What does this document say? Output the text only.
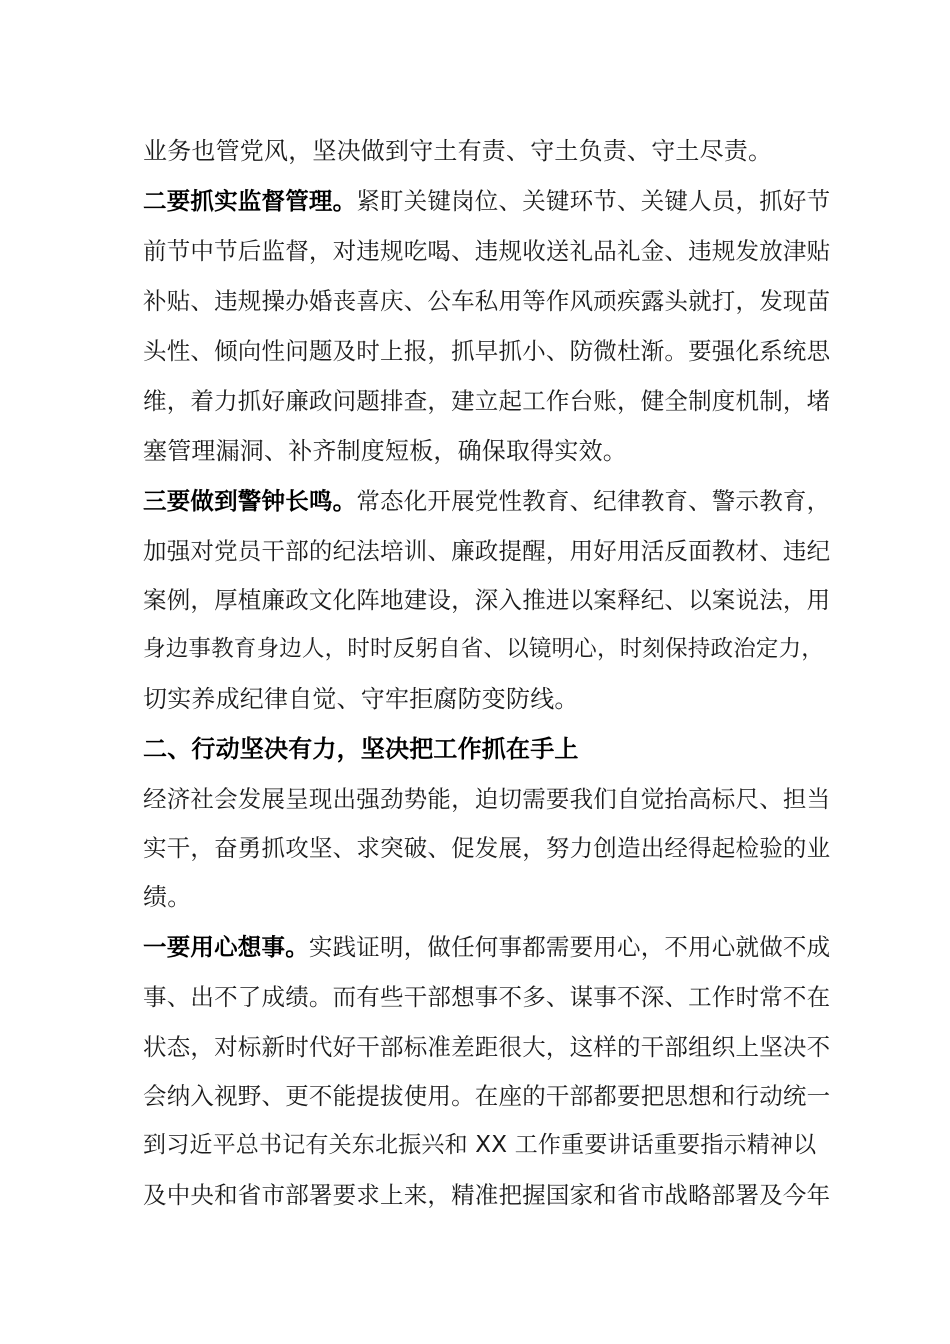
业务也管党风，坚决做到守土有责、守土负责、守土尽责。
二要抓实监督管理。紧盯关键岗位、关键环节、关键人员，抓好节
前节中节后监督，对违规吃喝、违规收送礼品礼金、违规发放津贴
补贴、违规操办婚丧喜庆、公车私用等作风顽疾露头就打，发现苗
头性、倾向性问题及时上报，抓早抓小、防微杜渐。要强化系统思
维，着力抓好廉政问题排查，建立起工作台账，健全制度机制，堵
塞管理漏洞、补齐制度短板，确保取得实效。
三要做到警钟长鸣。常态化开展党性教育、纪律教育、警示教育，
加强对党员干部的纪法培训、廉政提醒，用好用活反面教材、违纪
案例，厚植廉政文化阵地建设，深入推进以案释纪、以案说法，用
身边事教育身边人，时时反躬自省、以镜明心，时刻保持政治定力，
切实养成纪律自觉、守牢拒腐防变防线。
二、行动坚决有力，坚决把工作抓在手上
经济社会发展呈现出强劲势能，迫切需要我们自觉抬高标尺、担当
实干，奋勇抓攻坚、求突破、促发展，努力创造出经得起检验的业
绩。
一要用心想事。实践证明，做任何事都需要用心，不用心就做不成
事、出不了成绩。而有些干部想事不多、谋事不深、工作时常不在
状态，对标新时代好干部标准差距很大，这样的干部组织上坚决不
会纳入视野、更不能提拔使用。在座的干部都要把思想和行动统一
到习近平总书记有关东北振兴和 XX 工作重要讲话重要指示精神以
及中央和省市部署要求上来，精准把握国家和省市战略部署及今年
